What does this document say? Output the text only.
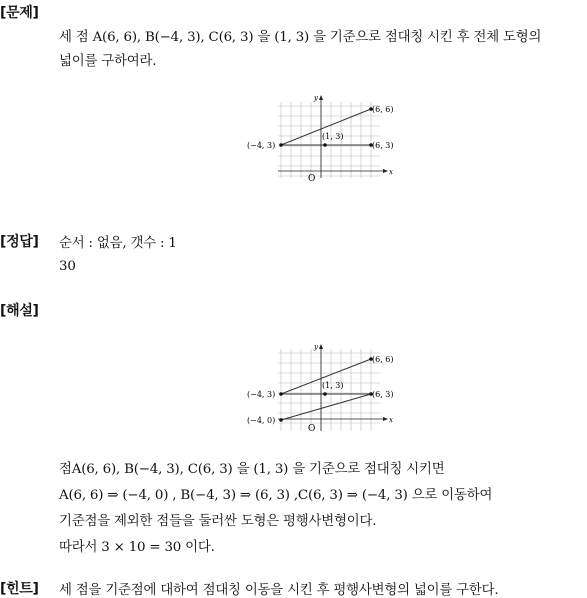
[문제]
세 점 A(6, 6), B(−4, 3), C(6, 3) 을 (1, 3) 을 기준으로 점대칭 시킨 후 전체 도형의
넓이를 구하여라.
y
x
O
(6, 6)
(−4, 3)	(6, 3)
(1, 3)
[정답] 순서 : 없음, 갯수 : 1
30
[해설]
y
x
O
(6, 6)
(−4, 3)	(6, 3)
(1, 3)
(−4, 0)
점A(6, 6), B(−4, 3), C(6, 3) 을 (1, 3) 을 기준으로 점대칭 시키면
A(6, 6) ⇒ (−4, 0) , B(−4, 3) ⇒ (6, 3) ,C(6, 3) ⇒ (−4, 3) 으로 이동하여
기준점을 제외한 점들을 둘러싼 도형은 평행사변형이다.
따라서 3 × 10 = 30 이다.
[힌트] 세 점을 기준점에 대하여 점대칭 이동을 시킨 후 평행사변형의 넓이를 구한다.
